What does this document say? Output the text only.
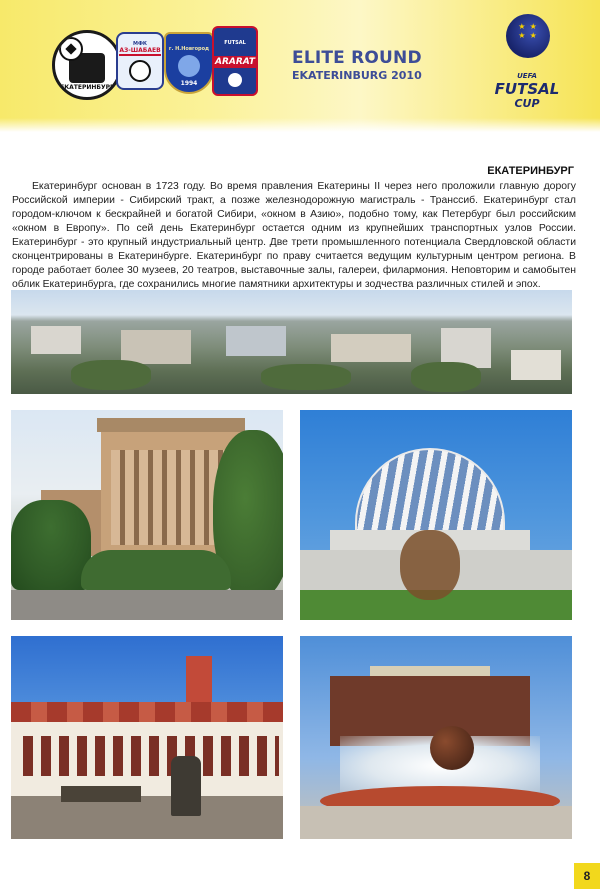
ЕКАТЕРИНБУРГ
МФК
АЗ-ШАБАЕВ г. Н.Новгород
1994
FUTSAL
ARARAT ELITE ROUND
EKATERINBURG 2010
★ ★
★ ★
UEFA
FUTSAL
CUP
ЕКАТЕРИНБУРГ

Екатеринбург основан в 1723 году. Во время правления Екатерины II через него проложили главную дорогу Российской империи - Сибирский тракт, а позже железнодорожную магистраль - Транссиб. Екатеринбург стал городом-ключом к бескрайней и богатой Сибири, «окном в Азию», подобно тому, как Петербург был российским «окном в Европу». По сей день Екатеринбург остается одним из крупнейших транспортных узлов России. Екатеринбург - это крупный индустриальный центр. Две трети промышленного потенциала Свердловской области сконцентрированы в Екатеринбурге. Екатеринбург по праву считается ведущим культурным центром региона. В городе работает более 30 музеев, 20 театров, выставочные залы, галереи, филармония. Неповторим и самобытен облик Екатеринбурга, где сохранились многие памятники архитектуры и зодчества различных стилей и эпох.

8
